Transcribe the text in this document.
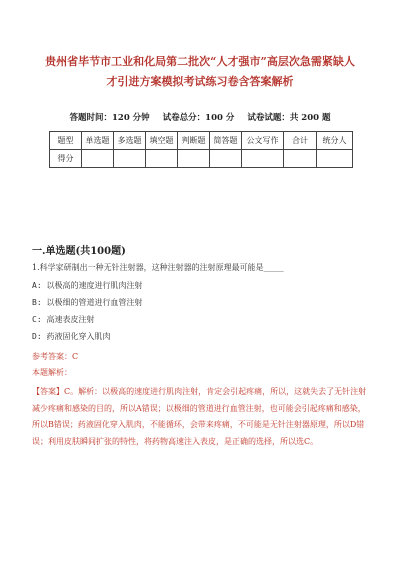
贵州省毕节市工业和化局第二批次“人才强市”高层次急需紧缺人
才引进方案模拟考试练习卷含答案解析
答题时间：120 分钟 试卷总分：100 分 试卷试题：共 200 题
题型	单选题	多选题	填空题	判断题	简答题	公文写作	合计	统分人
得分								
一.单选题(共100题)
1.科学家研制出一种无针注射器，这种注射器的注射原理最可能是_____
A: 以极高的速度进行肌肉注射
B: 以极细的管道进行血管注射
C: 高速表皮注射
D: 药液固化穿入肌肉
参考答案：C
本题解析：
【答案】C。解析：以极高的速度进行肌肉注射，肯定会引起疼痛，所以，这就失去了无针注射减少疼痛和感染的目的，所以A错误；以极细的管道进行血管注射，也可能会引起疼痛和感染，所以B错误；药液固化穿入肌肉，不能循环，会带来疼痛，不可能是无针注射器原理，所以D错误；利用皮肤瞬间扩张的特性，将药物高速注入表皮，是正确的选择，所以选C。
